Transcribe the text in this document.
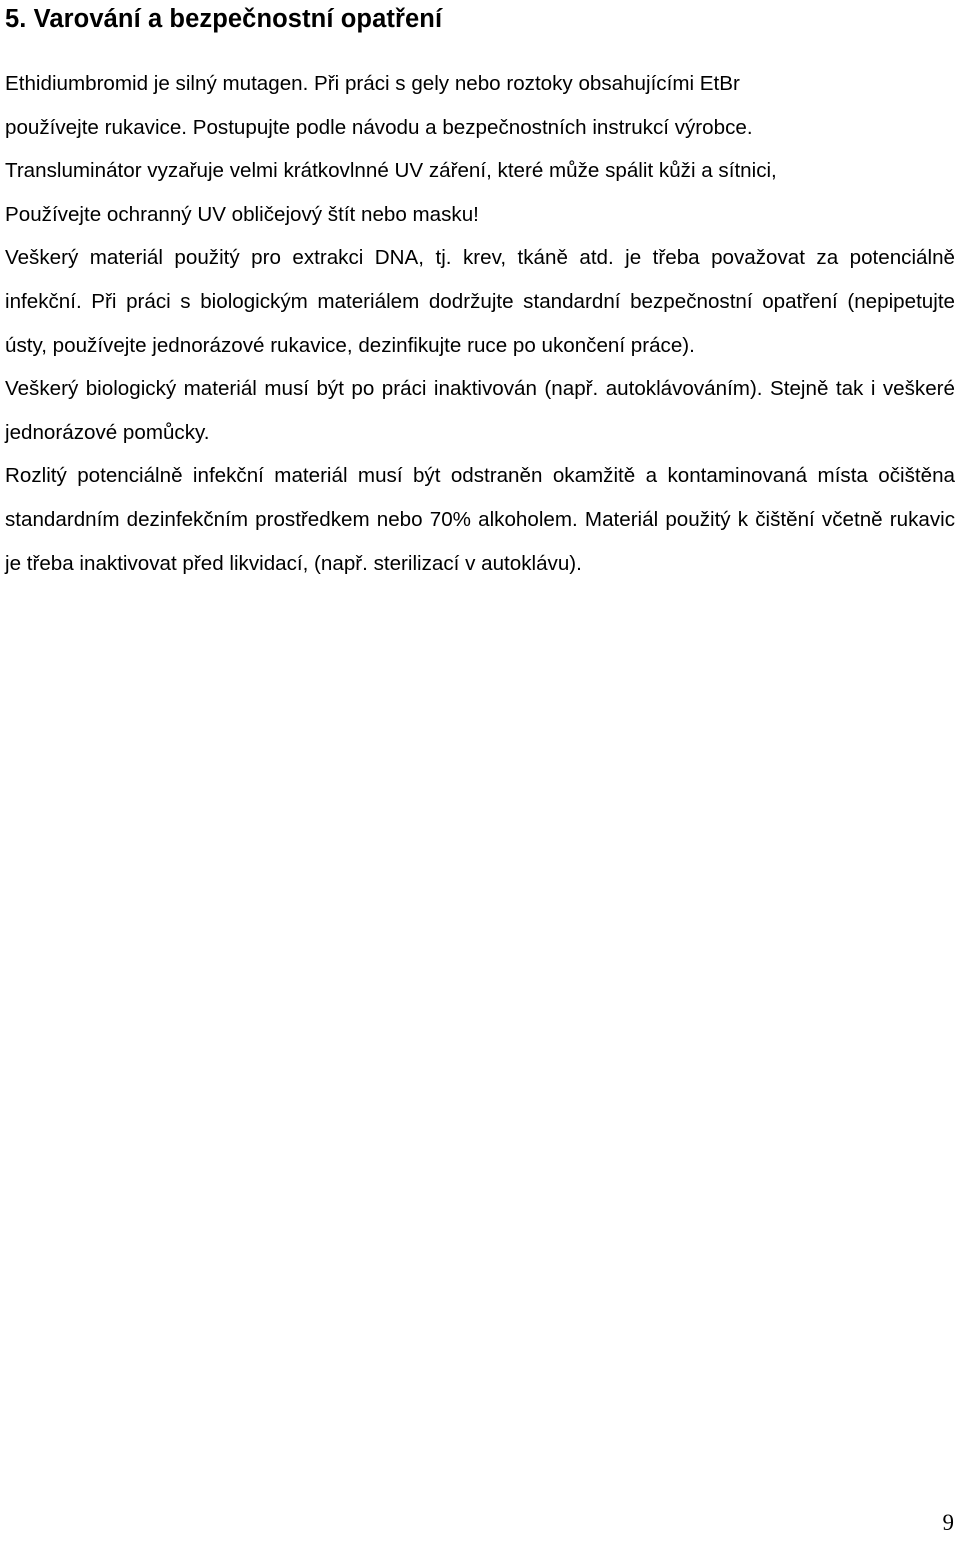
5. Varování a bezpečnostní opatření

Ethidiumbromid je silný mutagen. Při práci s gely nebo roztoky obsahujícími EtBr
používejte rukavice. Postupujte podle návodu a bezpečnostních instrukcí výrobce.
Transluminátor vyzařuje velmi krátkovlnné UV záření, které může spálit kůži a sítnici,
Používejte ochranný UV obličejový štít nebo masku!

Veškerý materiál použitý pro extrakci DNA, tj. krev, tkáně atd. je třeba považovat za potenciálně infekční. Při práci s biologickým materiálem dodržujte standardní bezpečnostní opatření (nepipetujte ústy, používejte jednorázové rukavice, dezinfikujte ruce po ukončení práce).

Veškerý biologický materiál musí být po práci inaktivován (např. autoklávováním). Stejně tak i veškeré jednorázové pomůcky.

Rozlitý potenciálně infekční materiál musí být odstraněn okamžitě a kontaminovaná místa očištěna standardním dezinfekčním prostředkem nebo 70% alkoholem. Materiál použitý k čištění včetně rukavic je třeba inaktivovat před likvidací, (např. sterilizací v autoklávu).

9
